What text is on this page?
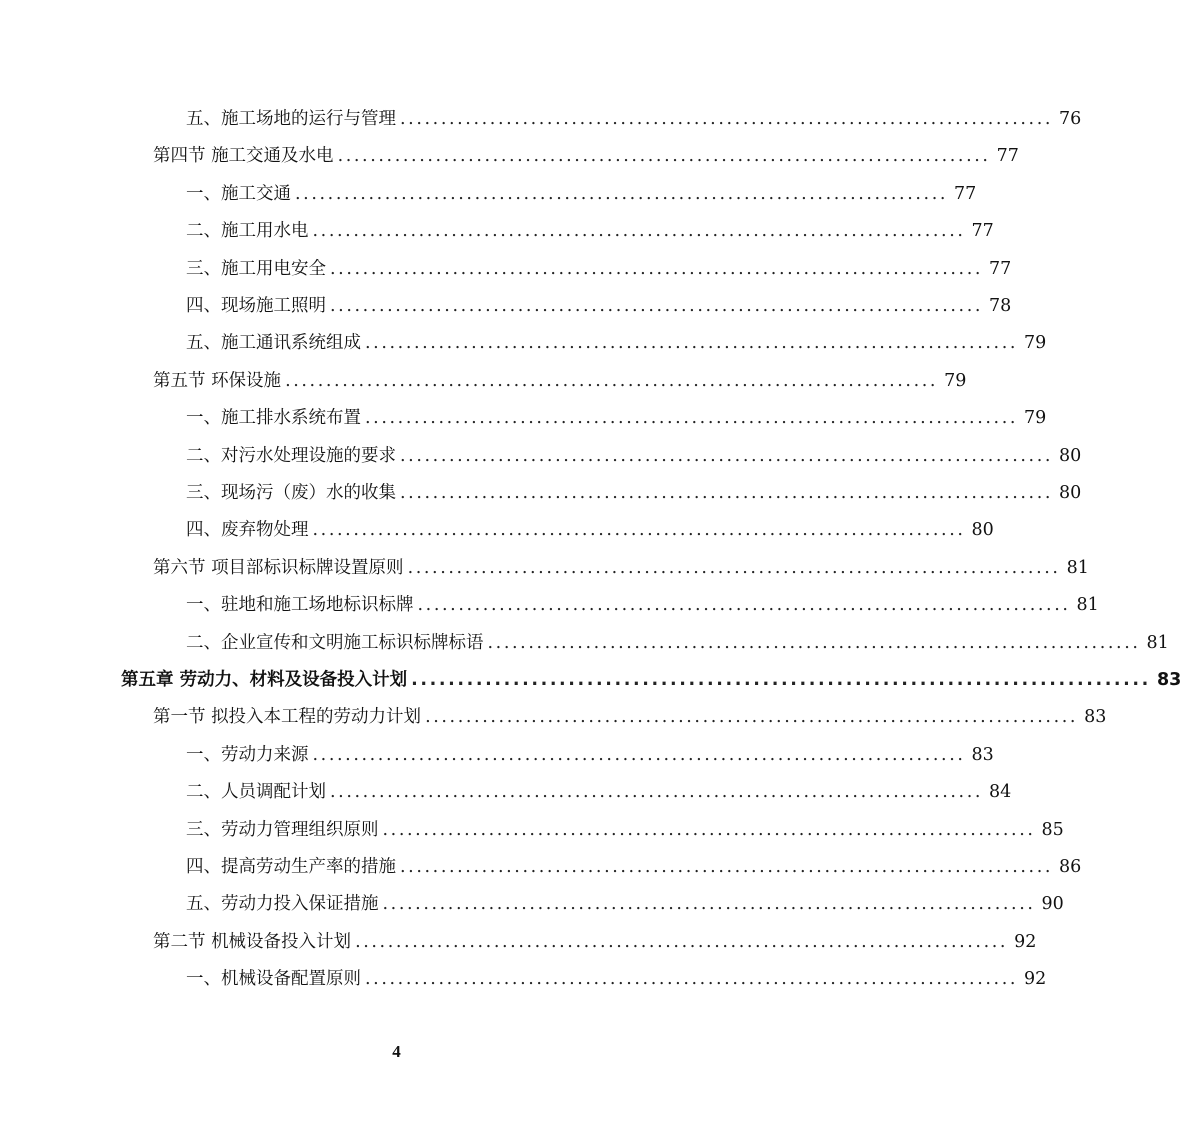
五、施工场地的运行与管理 ................................................................................ 76
第四节 施工交通及水电 ................................................................................ 77
一、施工交通 ................................................................................ 77
二、施工用水电 ................................................................................ 77
三、施工用电安全 ................................................................................ 77
四、现场施工照明 ................................................................................ 78
五、施工通讯系统组成 ................................................................................ 79
第五节 环保设施 ................................................................................ 79
一、施工排水系统布置 ................................................................................ 79
二、对污水处理设施的要求 ................................................................................ 80
三、现场污（废）水的收集 ................................................................................ 80
四、废弃物处理 ................................................................................ 80
第六节 项目部标识标牌设置原则 ................................................................................ 81
一、驻地和施工场地标识标牌 ................................................................................ 81
二、企业宣传和文明施工标识标牌标语 ................................................................................ 81
第五章 劳动力、材料及设备投入计划 ................................................................................ 83
第一节 拟投入本工程的劳动力计划 ................................................................................ 83
一、劳动力来源 ................................................................................ 83
二、人员调配计划 ................................................................................ 84
三、劳动力管理组织原则 ................................................................................ 85
四、提高劳动生产率的措施 ................................................................................ 86
五、劳动力投入保证措施 ................................................................................ 90
第二节 机械设备投入计划 ................................................................................ 92
一、机械设备配置原则 ................................................................................ 92
4
